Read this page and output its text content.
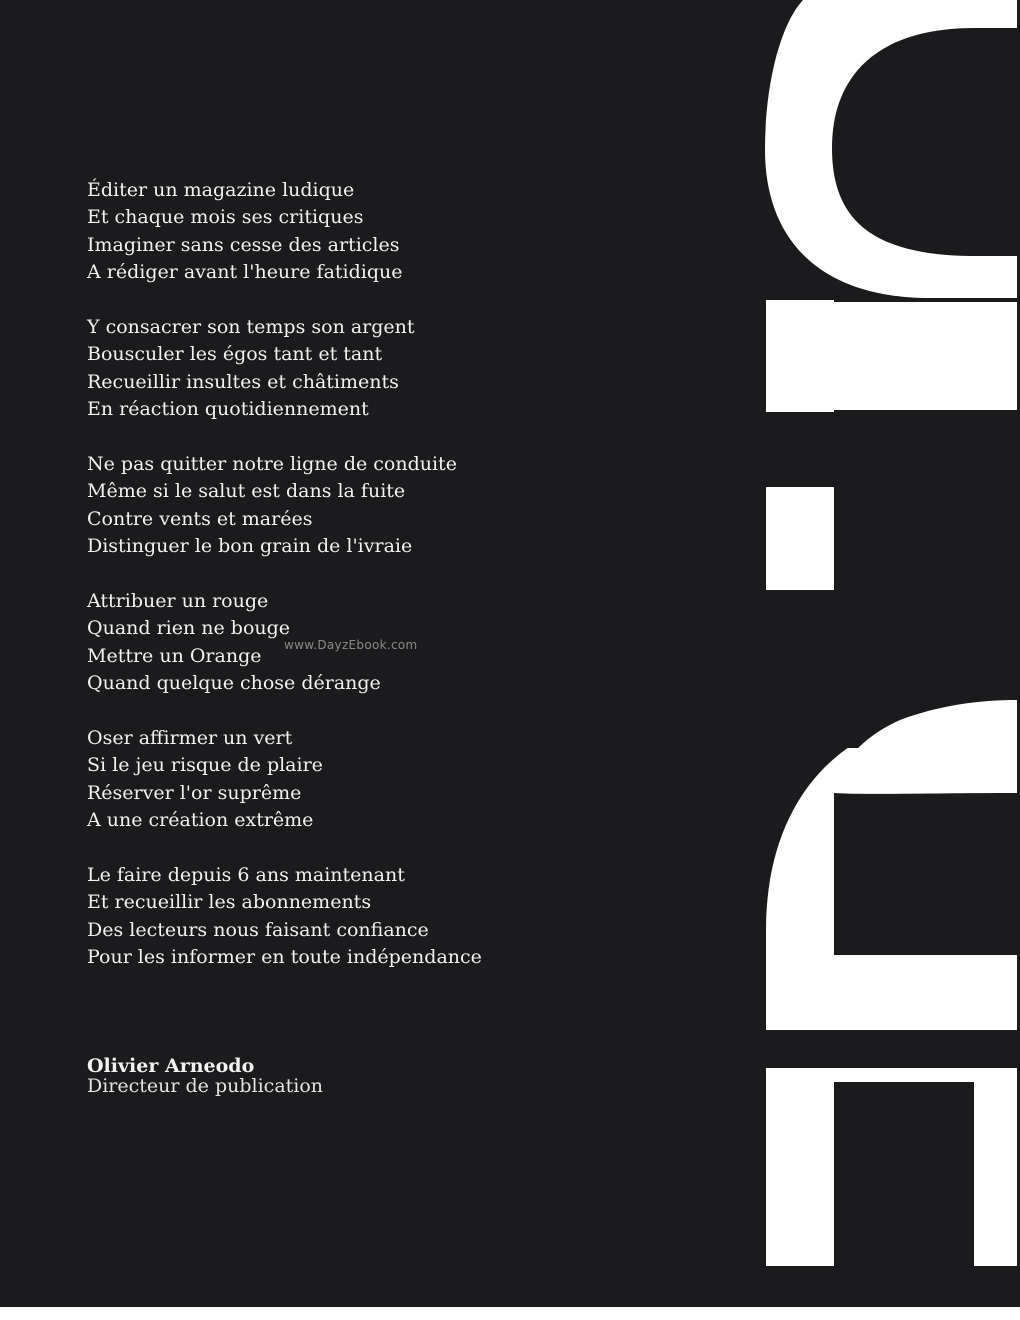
Éditer un magazine ludique
Et chaque mois ses critiques
Imaginer sans cesse des articles
A rédiger avant l'heure fatidique
Y consacrer son temps son argent
Bousculer les égos tant et tant
Recueillir insultes et châtiments
En réaction quotidiennement
Ne pas quitter notre ligne de conduite
Même si le salut est dans la fuite
Contre vents et marées
Distinguer le bon grain de l'ivraie
Attribuer un rouge
Quand rien ne bouge
Mettre un Orange
Quand quelque chose dérange
Oser affirmer un vert
Si le jeu risque de plaire
Réserver l'or suprême
A une création extrême
Le faire depuis 6 ans maintenant
Et recueillir les abonnements
Des lecteurs nous faisant confiance
Pour les informer en toute indépendance
www.DayzEbook.com
Olivier Arneodo
Directeur de publication
